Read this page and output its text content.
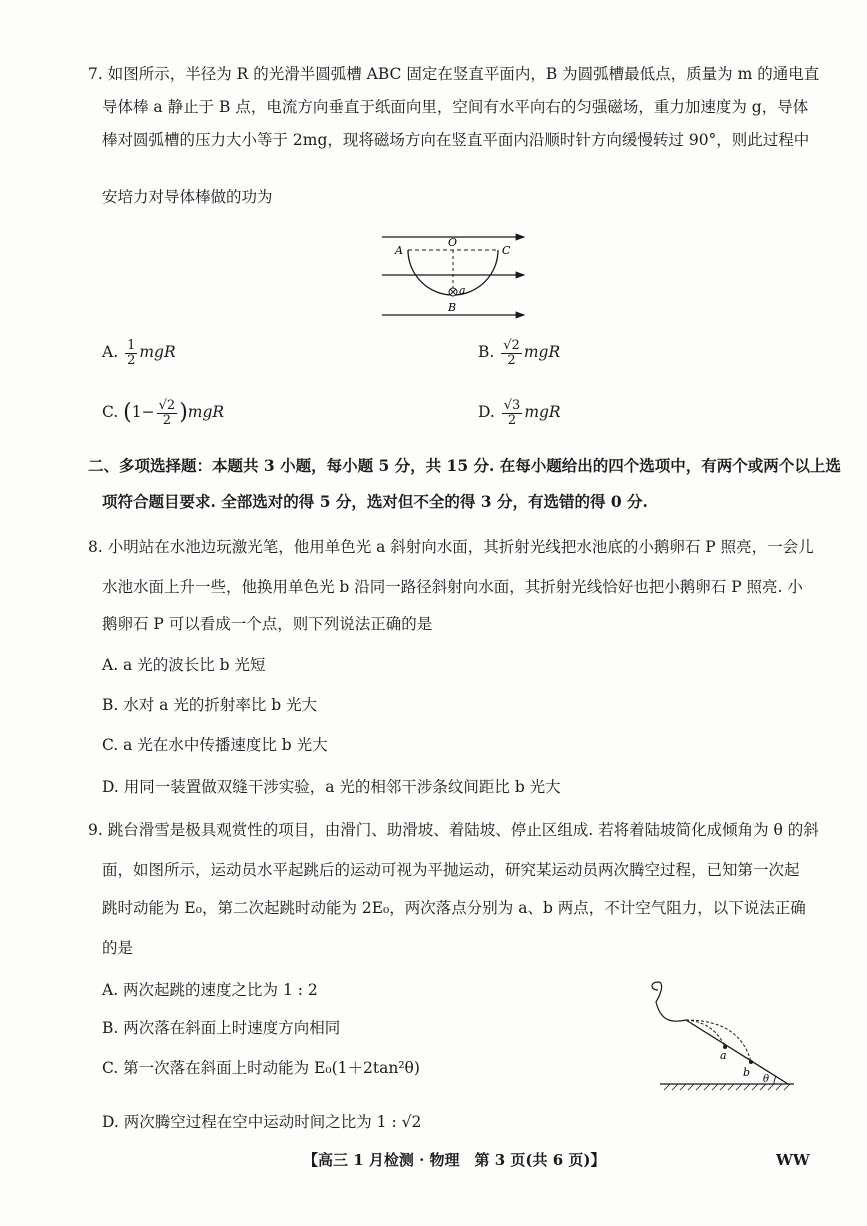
7. 如图所示，半径为 R 的光滑半圆弧槽 ABC 固定在竖直平面内，B 为圆弧槽最低点，质量为 m 的通电直
导体棒 a 静止于 B 点，电流方向垂直于纸面向里，空间有水平向右的匀强磁场，重力加速度为 g，导体
棒对圆弧槽的压力大小等于 2mg，现将磁场方向在竖直平面内沿顺时针方向缓慢转过 90°，则此过程中
安培力对导体棒做的功为
A
O
C
a
B
A. $\frac{1}{2}$ mgR	B. $\frac{√2}{2}$ mgR
C. $(1- \frac{√2}{2} )mgR$	D. $\frac{√3}{2}$ mgR
二、多项选择题：本题共 3 小题，每小题 5 分，共 15 分. 在每小题给出的四个选项中，有两个或两个以上选
项符合题目要求. 全部选对的得 5 分，选对但不全的得 3 分，有选错的得 0 分.
8. 小明站在水池边玩激光笔，他用单色光 a 斜射向水面，其折射光线把水池底的小鹅卵石 P 照亮，一会儿
水池水面上升一些，他换用单色光 b 沿同一路径斜射向水面，其折射光线恰好也把小鹅卵石 P 照亮. 小
鹅卵石 P 可以看成一个点，则下列说法正确的是
A. a 光的波长比 b 光短
B. 水对 a 光的折射率比 b 光大
C. a 光在水中传播速度比 b 光大
D. 用同一装置做双缝干涉实验，a 光的相邻干涉条纹间距比 b 光大
9. 跳台滑雪是极具观赏性的项目，由滑门、助滑坡、着陆坡、停止区组成. 若将着陆坡简化成倾角为 θ 的斜
面，如图所示，运动员水平起跳后的运动可视为平抛运动，研究某运动员两次腾空过程，已知第一次起
跳时动能为 E₀，第二次起跳时动能为 2E₀，两次落点分别为 a、b 两点，不计空气阻力，以下说法正确
的是
A. 两次起跳的速度之比为 1 : 2
B. 两次落在斜面上时速度方向相同
C. 第一次落在斜面上时动能为 E₀(1＋2tan²θ)
D. 两次腾空过程在空中运动时间之比为 1 : √2
a
b
θ
【高三 1 月检测 · 物理　第 3 页(共 6 页)】	WW
